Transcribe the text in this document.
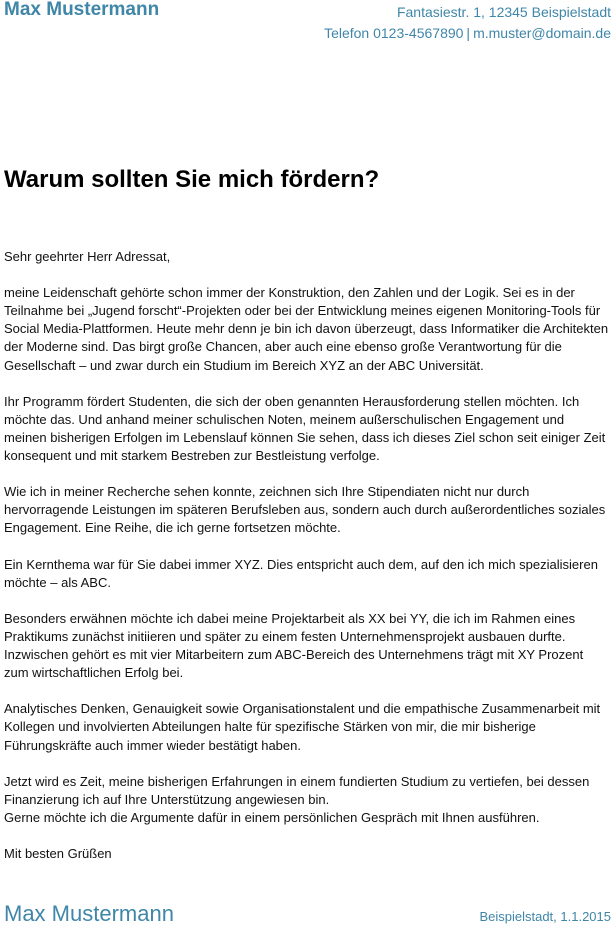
Max Mustermann	Fantasiestr. 1, 12345 Beispielstadt
Telefon 0123-4567890 | m.muster@domain.de
Warum sollten Sie mich fördern?

Sehr geehrter Herr Adressat,

meine Leidenschaft gehörte schon immer der Konstruktion, den Zahlen und der Logik. Sei es in der Teilnahme bei „Jugend forscht“-Projekten oder bei der Entwicklung meines eigenen Monitoring-Tools für Social Media-Plattformen. Heute mehr denn je bin ich davon überzeugt, dass Informatiker die Architekten der Moderne sind. Das birgt große Chancen, aber auch eine ebenso große Verantwortung für die Gesellschaft – und zwar durch ein Studium im Bereich XYZ an der ABC Universität.

Ihr Programm fördert Studenten, die sich der oben genannten Herausforderung stellen möchten. Ich möchte das. Und anhand meiner schulischen Noten, meinem außerschulischen Engagement und meinen bisherigen Erfolgen im Lebenslauf können Sie sehen, dass ich dieses Ziel schon seit einiger Zeit konsequent und mit starkem Bestreben zur Bestleistung verfolge.

Wie ich in meiner Recherche sehen konnte, zeichnen sich Ihre Stipendiaten nicht nur durch hervorragende Leistungen im späteren Berufsleben aus, sondern auch durch außerordentliches soziales Engagement. Eine Reihe, die ich gerne fortsetzen möchte.

Ein Kernthema war für Sie dabei immer XYZ. Dies entspricht auch dem, auf den ich mich spezialisieren möchte – als ABC.

Besonders erwähnen möchte ich dabei meine Projektarbeit als XX bei YY, die ich im Rahmen eines Praktikums zunächst initiieren und später zu einem festen Unternehmensprojekt ausbauen durfte. Inzwischen gehört es mit vier Mitarbeitern zum ABC-Bereich des Unternehmens trägt mit XY Prozent zum wirtschaftlichen Erfolg bei.

Analytisches Denken, Genauigkeit sowie Organisationstalent und die empathische Zusammenarbeit mit Kollegen und involvierten Abteilungen halte für spezifische Stärken von mir, die mir bisherige Führungskräfte auch immer wieder bestätigt haben.

Jetzt wird es Zeit, meine bisherigen Erfahrungen in einem fundierten Studium zu vertiefen, bei dessen Finanzierung ich auf Ihre Unterstützung angewiesen bin.

Gerne möchte ich die Argumente dafür in einem persönlichen Gespräch mit Ihnen ausführen.

Mit besten Grüßen

Max Mustermann	Beispielstadt, 1.1.2015
